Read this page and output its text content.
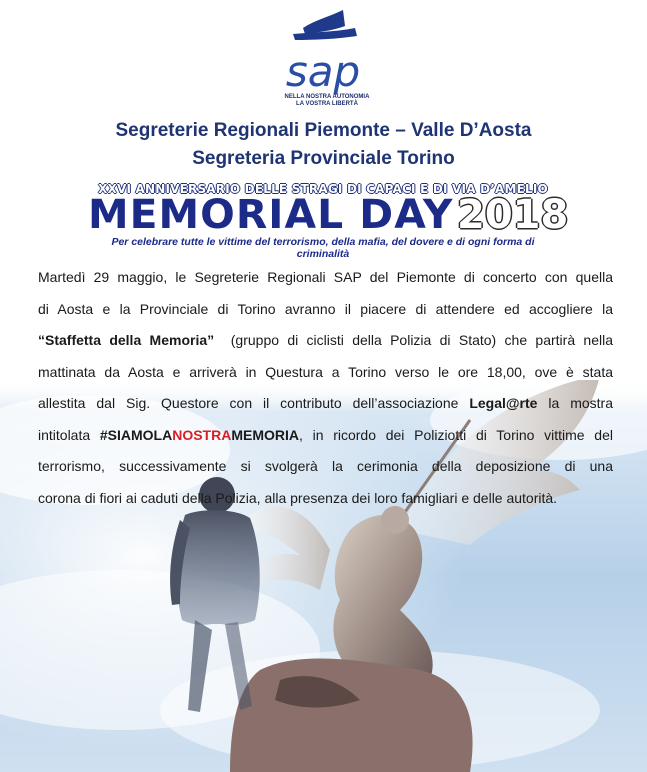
sap
NELLA NOSTRA AUTONOMIA
LA VOSTRA LIBERTÀ
Segreterie Regionali Piemonte – Valle D’Aosta
Segreteria Provinciale Torino
XXVI ANNIVERSARIO DELLE STRAGI DI CAPACI E DI VIA D’AMELIO
MEMORIAL DAY 2018
Per celebrare tutte le vittime del terrorismo, della mafia, del dovere e di ogni forma di criminalità
Martedì 29 maggio, le Segreterie Regionali SAP del Piemonte di concerto con quella
di Aosta e la Provinciale di Torino avranno il piacere di attendere ed accogliere la
“Staffetta della Memoria”  (gruppo di ciclisti della Polizia di Stato) che partirà nella
mattinata da Aosta e arriverà in Questura a Torino verso le ore 18,00, ove è stata
allestita dal Sig. Questore con il contributo dell’associazione Legal@rte la mostra
intitolata #SIAMOLANOSTRAMEMORIA, in ricordo dei Poliziotti di Torino vittime del
terrorismo, successivamente si svolgerà la cerimonia della deposizione di una
corona di fiori ai caduti della Polizia, alla presenza dei loro famigliari e delle autorità.
